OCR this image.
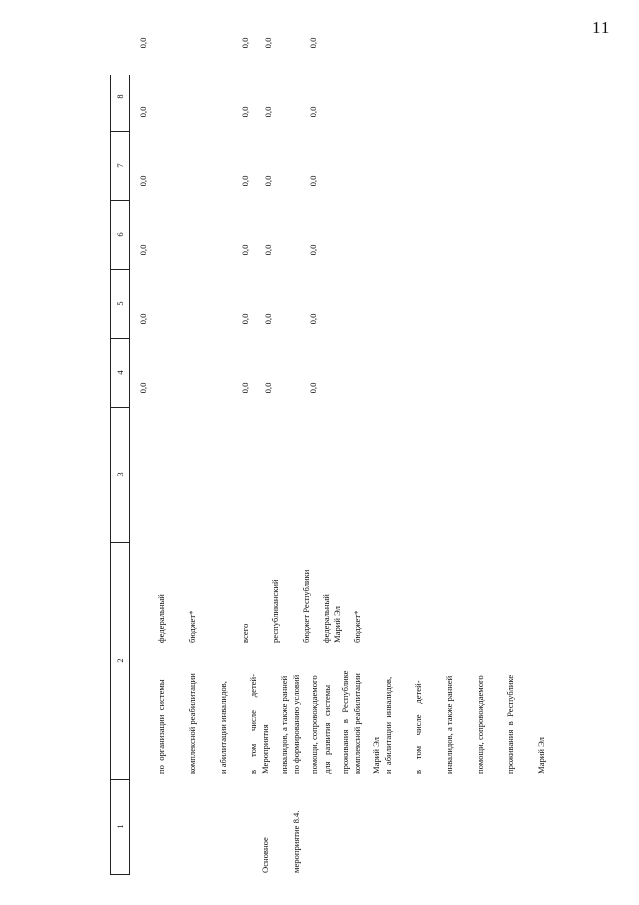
11
1
2
3
4
5
6
7
8

по  организации  системы

комплексной реабилитации

и абилитации инвалидов,

в      том      числе      детей-

инвалидов, а также ранней

помощи, сопровождаемого

проживания   в   Республике

Марий Эл

федеральный

бюджет*

Основное

мероприятие 8.4.

Мероприятия

по формированию условий

для   развития   системы

комплексной реабилитации

и  абилитации  инвалидов,

в     том     числе     детей-

инвалидов, а также ранней

помощи, сопровождаемого

проживания  в  Республике

Марий Эл

всего

республиканский

бюджет Республики

Марий Эл

федеральный

бюджет*

0,0
0,0
0,0
0,0
0,0
0,0
0,0
0,0
0,0
0,0
0,0
0,0
0,0
0,0
0,0
0,0
0,0
0,0
0,0
0,0
0,0
0,0
0,0
0,0
